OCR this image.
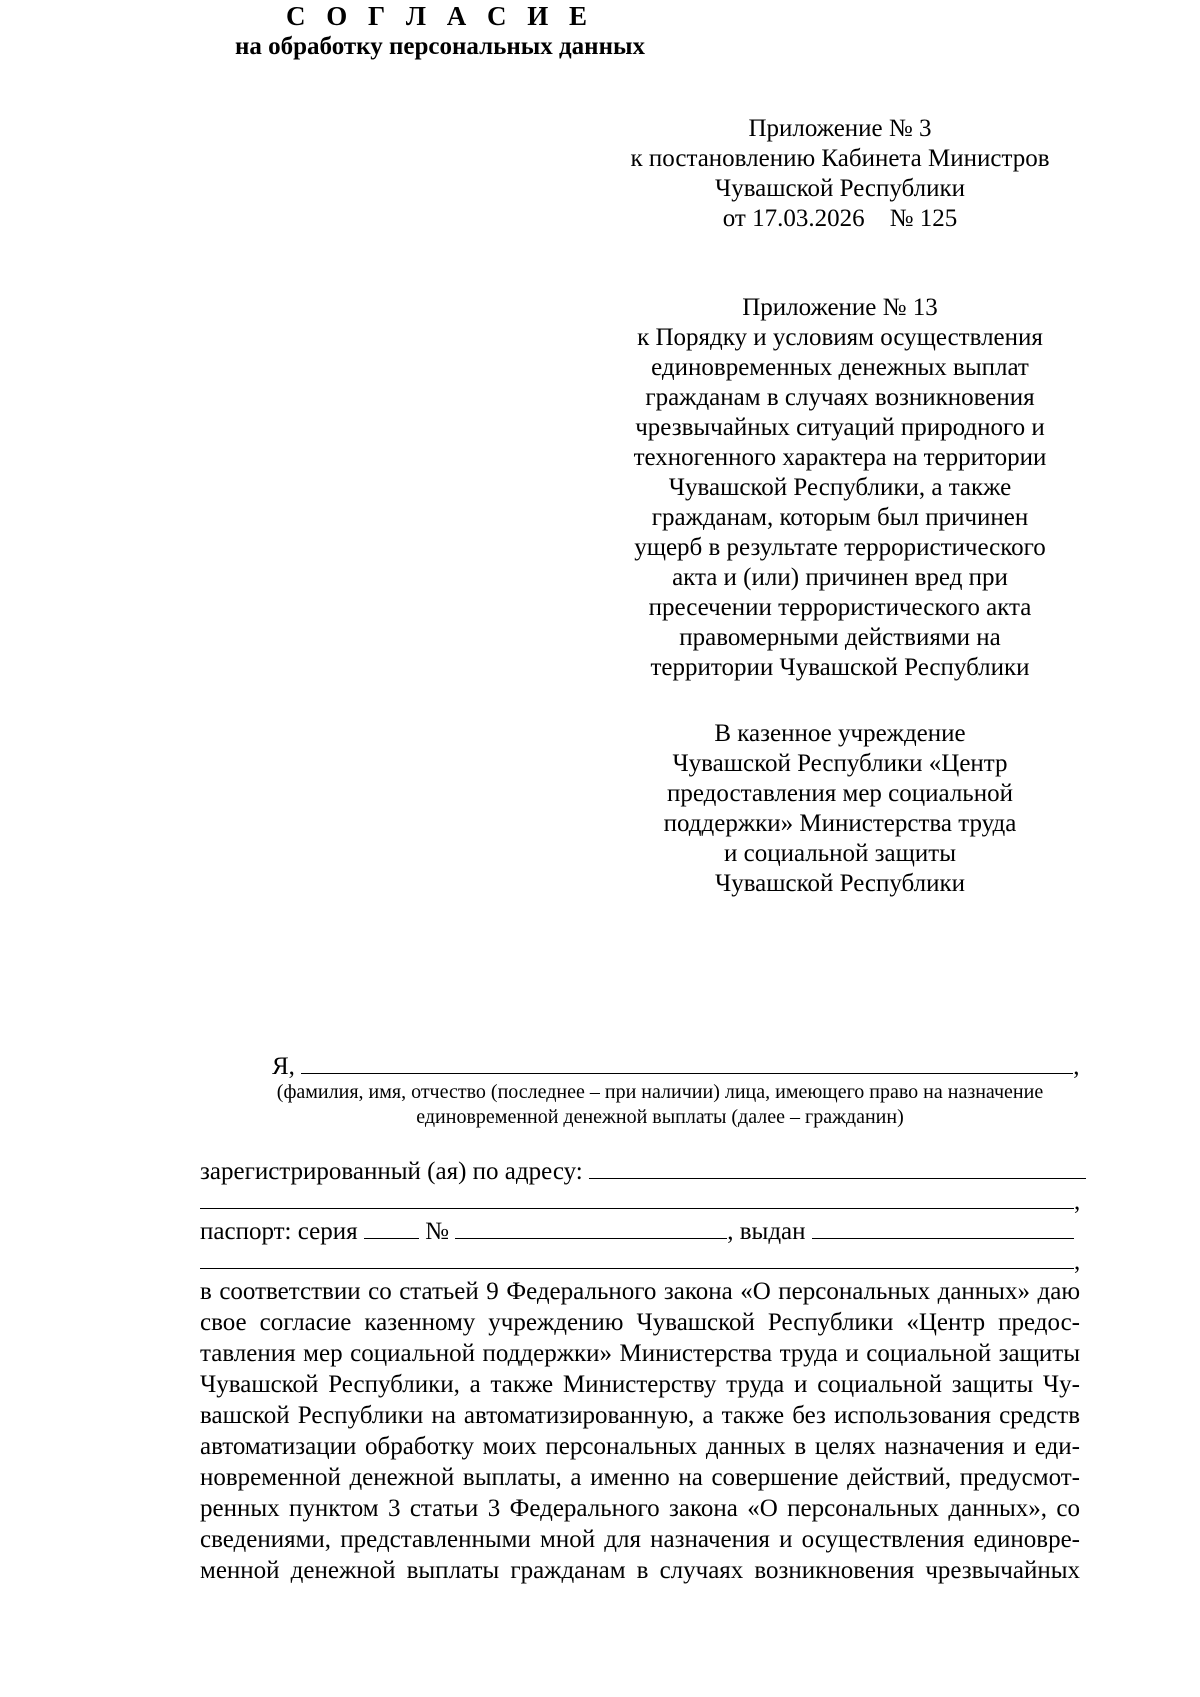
Приложение № 3
к постановлению Кабинета Министров
Чувашской Республики
от 17.03.2026    № 125
Приложение № 13
к Порядку и условиям осуществления
единовременных денежных выплат
гражданам в случаях возникновения
чрезвычайных ситуаций природного и
техногенного характера на территории
Чувашской Республики, а также
гражданам, которым был причинен
ущерб в результате террористического
акта и (или) причинен вред при
пресечении террористического акта
правомерными действиями на
территории Чувашской Республики
В казенное учреждение
Чувашской Республики «Центр
предоставления мер социальной
поддержки» Министерства труда
и социальной защиты
Чувашской Республики
С О Г Л А С И Е
на обработку персональных данных
Я,	,
(фамилия, имя, отчество (последнее – при наличии) лица, имеющего право на назначение
единовременной денежной выплаты (далее – гражданин)
зарегистрированный (ая) по адресу:
,
паспорт: серия	№	, выдан
,
в соответствии со статьей 9 Федерального закона «О персональных данных» даю
свое согласие казенному учреждению Чувашской Республики «Центр предос-
тавления мер социальной поддержки» Министерства труда и социальной защиты
Чувашской Республики, а также Министерству труда и социальной защиты Чу-
вашской Республики на автоматизированную, а также без использования средств
автоматизации обработку моих персональных данных в целях назначения и еди-
новременной денежной выплаты, а именно на совершение действий, предусмот-
ренных пунктом 3 статьи 3 Федерального закона «О персональных данных», со
сведениями, представленными мной для назначения и осуществления единовре-
менной денежной выплаты гражданам в случаях возникновения чрезвычайных
